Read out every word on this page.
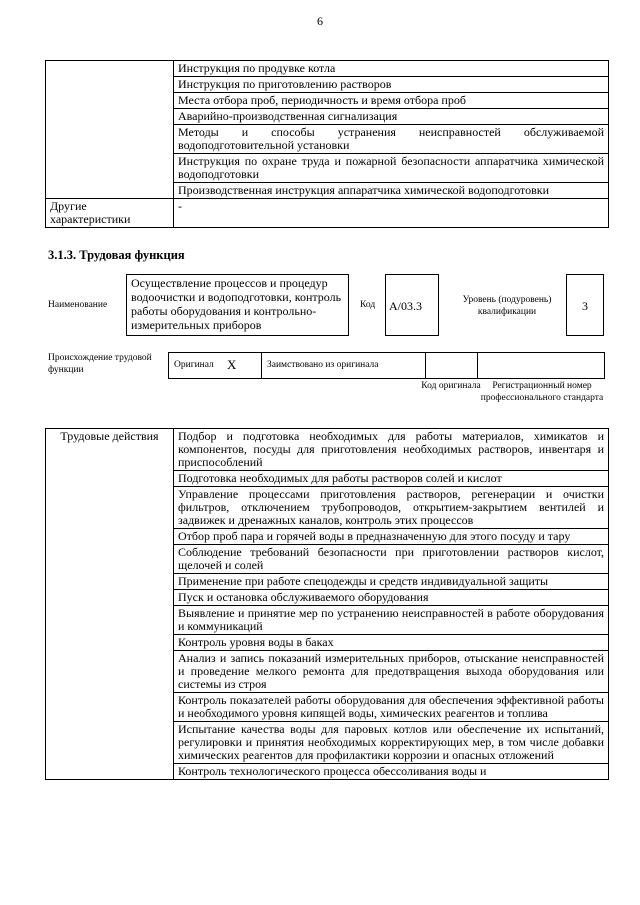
6
	Инструкция по продувке котла
	Инструкция по приготовлению растворов
	Места отбора проб, периодичность и время отбора проб
	Аварийно-производственная сигнализация
	Методы и способы устранения неисправностей обслуживаемой водоподготовительной установки
	Инструкция по охране труда и пожарной безопасности аппаратчика химической водоподготовки
	Производственная инструкция аппаратчика химической водоподготовки
Другие характеристики	-
3.1.3. Трудовая функция
Наименование
Осуществление процессов и процедур водоочистки и водоподготовки, контроль работы оборудования и контрольно-измерительных приборов
Код	А/03.3	Уровень (подуровень) квалификации	3
Происхождение трудовой функции	Оригинал X	Заимствовано из оригинала
Код оригинала	Регистрационный номер профессионального стандарта
Трудовые действия	Подбор и подготовка необходимых для работы материалов, химикатов и компонентов, посуды для приготовления необходимых растворов, инвентаря и приспособлений
Подготовка необходимых для работы растворов солей и кислот
Управление процессами приготовления растворов, регенерации и очистки фильтров, отключением трубопроводов, открытием-закрытием вентилей и задвижек и дренажных каналов, контроль этих процессов
Отбор проб пара и горячей воды в предназначенную для этого посуду и тару
Соблюдение требований безопасности при приготовлении растворов кислот, щелочей и солей
Применение при работе спецодежды и средств индивидуальной защиты
Пуск и остановка обслуживаемого оборудования
Выявление и принятие мер по устранению неисправностей в работе оборудования и коммуникаций
Контроль уровня воды в баках
Анализ и запись показаний измерительных приборов, отыскание неисправностей и проведение мелкого ремонта для предотвращения выхода оборудования или системы из строя
Контроль показателей работы оборудования для обеспечения эффективной работы и необходимого уровня кипящей воды, химических реагентов и топлива
Испытание качества воды для паровых котлов или обеспечение их испытаний, регулировки и принятия необходимых корректирующих мер, в том числе добавки химических реагентов для профилактики коррозии и опасных отложений
Контроль технологического процесса обессоливания воды и
